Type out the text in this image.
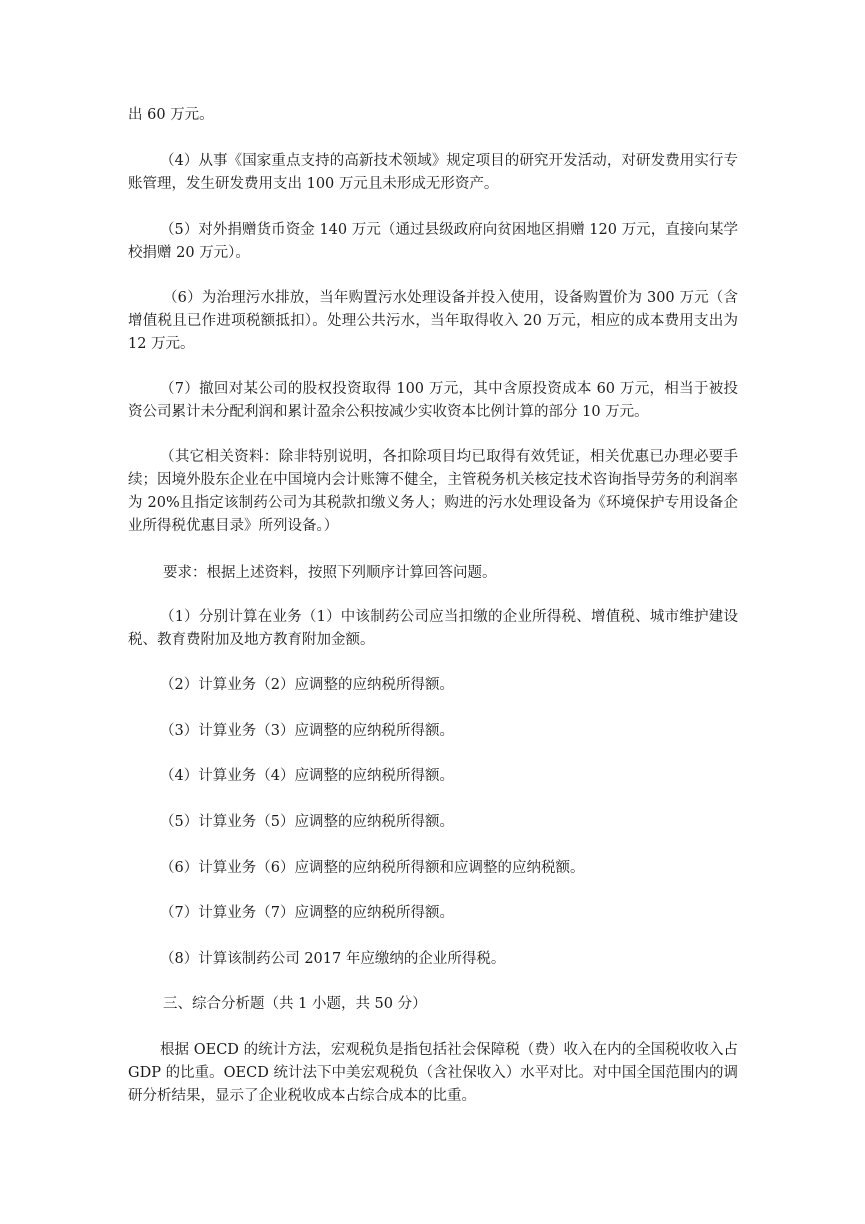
出 60 万元。

（4）从事《国家重点支持的高新技术领域》规定项目的研究开发活动，对研发费用实行专账管理，发生研发费用支出 100 万元且未形成无形资产。

（5）对外捐赠货币资金 140 万元（通过县级政府向贫困地区捐赠 120 万元，直接向某学校捐赠 20 万元）。

（6）为治理污水排放，当年购置污水处理设备并投入使用，设备购置价为 300 万元（含增值税且已作进项税额抵扣）。处理公共污水，当年取得收入 20 万元，相应的成本费用支出为 12 万元。

（7）撤回对某公司的股权投资取得 100 万元，其中含原投资成本 60 万元，相当于被投资公司累计未分配利润和累计盈余公积按减少实收资本比例计算的部分 10 万元。

（其它相关资料：除非特别说明，各扣除项目均已取得有效凭证，相关优惠已办理必要手续；因境外股东企业在中国境内会计账簿不健全，主管税务机关核定技术咨询指导劳务的利润率为 20%且指定该制药公司为其税款扣缴义务人；购进的污水处理设备为《环境保护专用设备企业所得税优惠目录》所列设备。）

要求：根据上述资料，按照下列顺序计算回答问题。

（1）分别计算在业务（1）中该制药公司应当扣缴的企业所得税、增值税、城市维护建设税、教育费附加及地方教育附加金额。

（2）计算业务（2）应调整的应纳税所得额。

（3）计算业务（3）应调整的应纳税所得额。

（4）计算业务（4）应调整的应纳税所得额。

（5）计算业务（5）应调整的应纳税所得额。

（6）计算业务（6）应调整的应纳税所得额和应调整的应纳税额。

（7）计算业务（7）应调整的应纳税所得额。

（8）计算该制药公司 2017 年应缴纳的企业所得税。

三、综合分析题（共 1 小题，共 50 分）

根据 OECD 的统计方法，宏观税负是指包括社会保障税（费）收入在内的全国税收收入占 GDP 的比重。OECD 统计法下中美宏观税负（含社保收入）水平对比。对中国全国范围内的调研分析结果，显示了企业税收成本占综合成本的比重。
